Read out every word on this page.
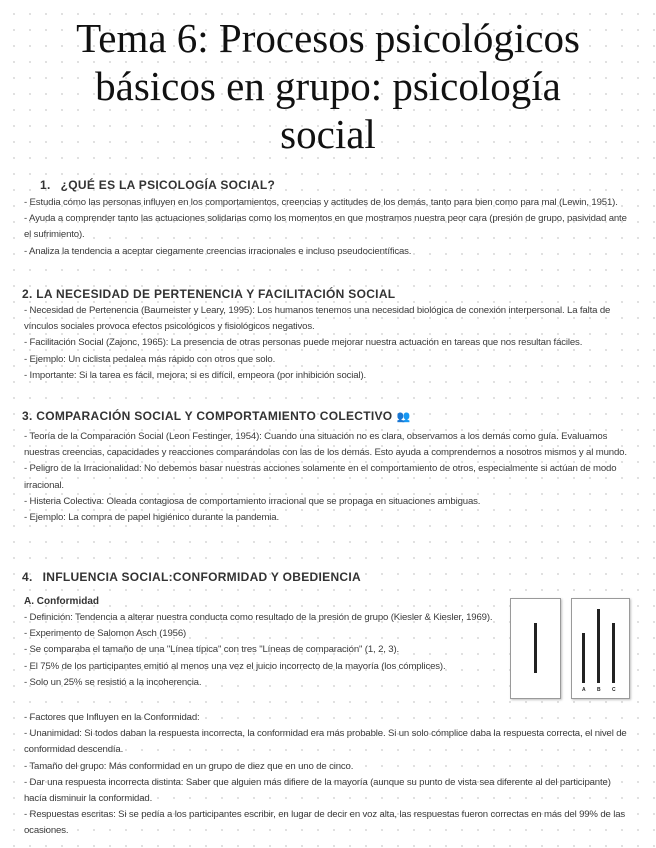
Tema 6: Procesos psicológicos
básicos en grupo: psicología
social
1. ¿QUÉ ES LA PSICOLOGÍA SOCIAL?
- Estudia cómo las personas influyen en los comportamientos, creencias y actitudes de los demás, tanto para bien como para mal (Lewin, 1951).
- Ayuda a comprender tanto las actuaciones solidarias como los momentos en que mostramos nuestra peor cara (presión de grupo, pasividad ante el sufrimiento).
- Analiza la tendencia a aceptar ciegamente creencias irracionales e incluso pseudocientíficas.
2. LA NECESIDAD DE PERTENENCIA Y FACILITACIÓN SOCIAL
- Necesidad de Pertenencia (Baumeister y Leary, 1995): Los humanos tenemos una necesidad biológica de conexión interpersonal. La falta de vínculos sociales provoca efectos psicológicos y fisiológicos negativos.
- Facilitación Social (Zajonc, 1965): La presencia de otras personas puede mejorar nuestra actuación en tareas que nos resultan fáciles.
- Ejemplo: Un ciclista pedalea más rápido con otros que solo.
- Importante: Si la tarea es fácil, mejora; si es difícil, empeora (por inhibición social).
3. COMPARACIÓN SOCIAL Y COMPORTAMIENTO COLECTIVO 👥
- Teoría de la Comparación Social (Leon Festinger, 1954): Cuando una situación no es clara, observamos a los demás como guía. Evaluamos nuestras creencias, capacidades y reacciones comparándolas con las de los demás. Esto ayuda a comprendernos a nosotros mismos y al mundo.
- Peligro de la Irracionalidad: No debemos basar nuestras acciones solamente en el comportamiento de otros, especialmente si actúan de modo irracional.
- Histeria Colectiva: Oleada contagiosa de comportamiento irracional que se propaga en situaciones ambiguas.
- Ejemplo: La compra de papel higiénico durante la pandemia.
4. INFLUENCIA SOCIAL:CONFORMIDAD Y OBEDIENCIA
A. Conformidad
- Definición: Tendencia a alterar nuestra conducta como resultado de la presión de grupo (Kiesler & Kiesler, 1969).
- Experimento de Salomon Asch (1956)
- Se comparaba el tamaño de una "Línea típica" con tres "Líneas de comparación" (1, 2, 3).
- El 75% de los participantes emitió al menos una vez el juicio incorrecto de la mayoría (los cómplices).
- Solo un 25% se resistió a la incoherencia.
A B C
- Factores que Influyen en la Conformidad:
- Unanimidad: Si todos daban la respuesta incorrecta, la conformidad era más probable. Si un solo cómplice daba la respuesta correcta, el nivel de conformidad descendía.
- Tamaño del grupo: Más conformidad en un grupo de diez que en uno de cinco.
- Dar una respuesta incorrecta distinta: Saber que alguien más difiere de la mayoría (aunque su punto de vista sea diferente al del participante) hacía disminuir la conformidad.
- Respuestas escritas: Si se pedía a los participantes escribir, en lugar de decir en voz alta, las respuestas fueron correctas en más del 99% de las ocasiones.
